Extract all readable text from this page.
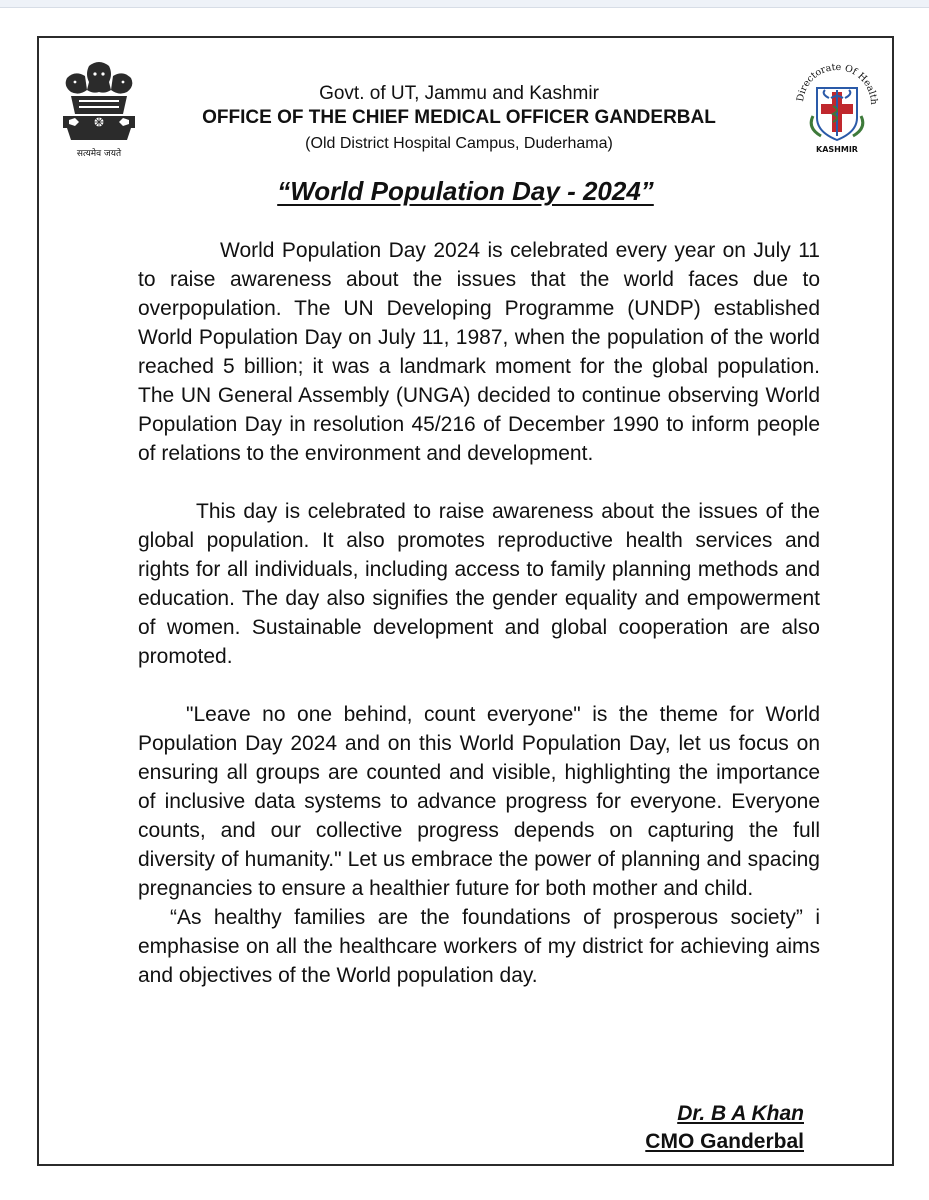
सत्यमेव जयते
Govt. of UT, Jammu and Kashmir
OFFICE OF THE CHIEF MEDICAL OFFICER GANDERBAL
(Old District Hospital Campus, Duderhama)
Directorate Of Health
KASHMIR
“World Population Day - 2024”

World Population Day 2024 is celebrated every year on July 11 to raise awareness about the issues that the world faces due to overpopulation. The UN Developing Programme (UNDP) established World Population Day on July 11, 1987, when the population of the world reached 5 billion; it was a landmark moment for the global population. The UN General Assembly (UNGA) decided to continue observing World Population Day in resolution 45/216 of December 1990 to inform people of relations to the environment and development.

This day is celebrated to raise awareness about the issues of the global population. It also promotes reproductive health services and rights for all individuals, including access to family planning methods and education. The day also signifies the gender equality and empowerment of women. Sustainable development and global cooperation are also promoted.

"Leave no one behind, count everyone" is the theme for World Population Day 2024 and on this World Population Day, let us focus on ensuring all groups are counted and visible, highlighting the importance of inclusive data systems to advance progress for everyone. Everyone counts, and our collective progress depends on capturing the full diversity of humanity." Let us embrace the power of planning and spacing pregnancies to ensure a healthier future for both mother and child.

“As healthy families are the foundations of prosperous society” i emphasise on all the healthcare workers of my district for achieving aims and objectives of the World population day.

Dr. B A Khan
CMO Ganderbal
